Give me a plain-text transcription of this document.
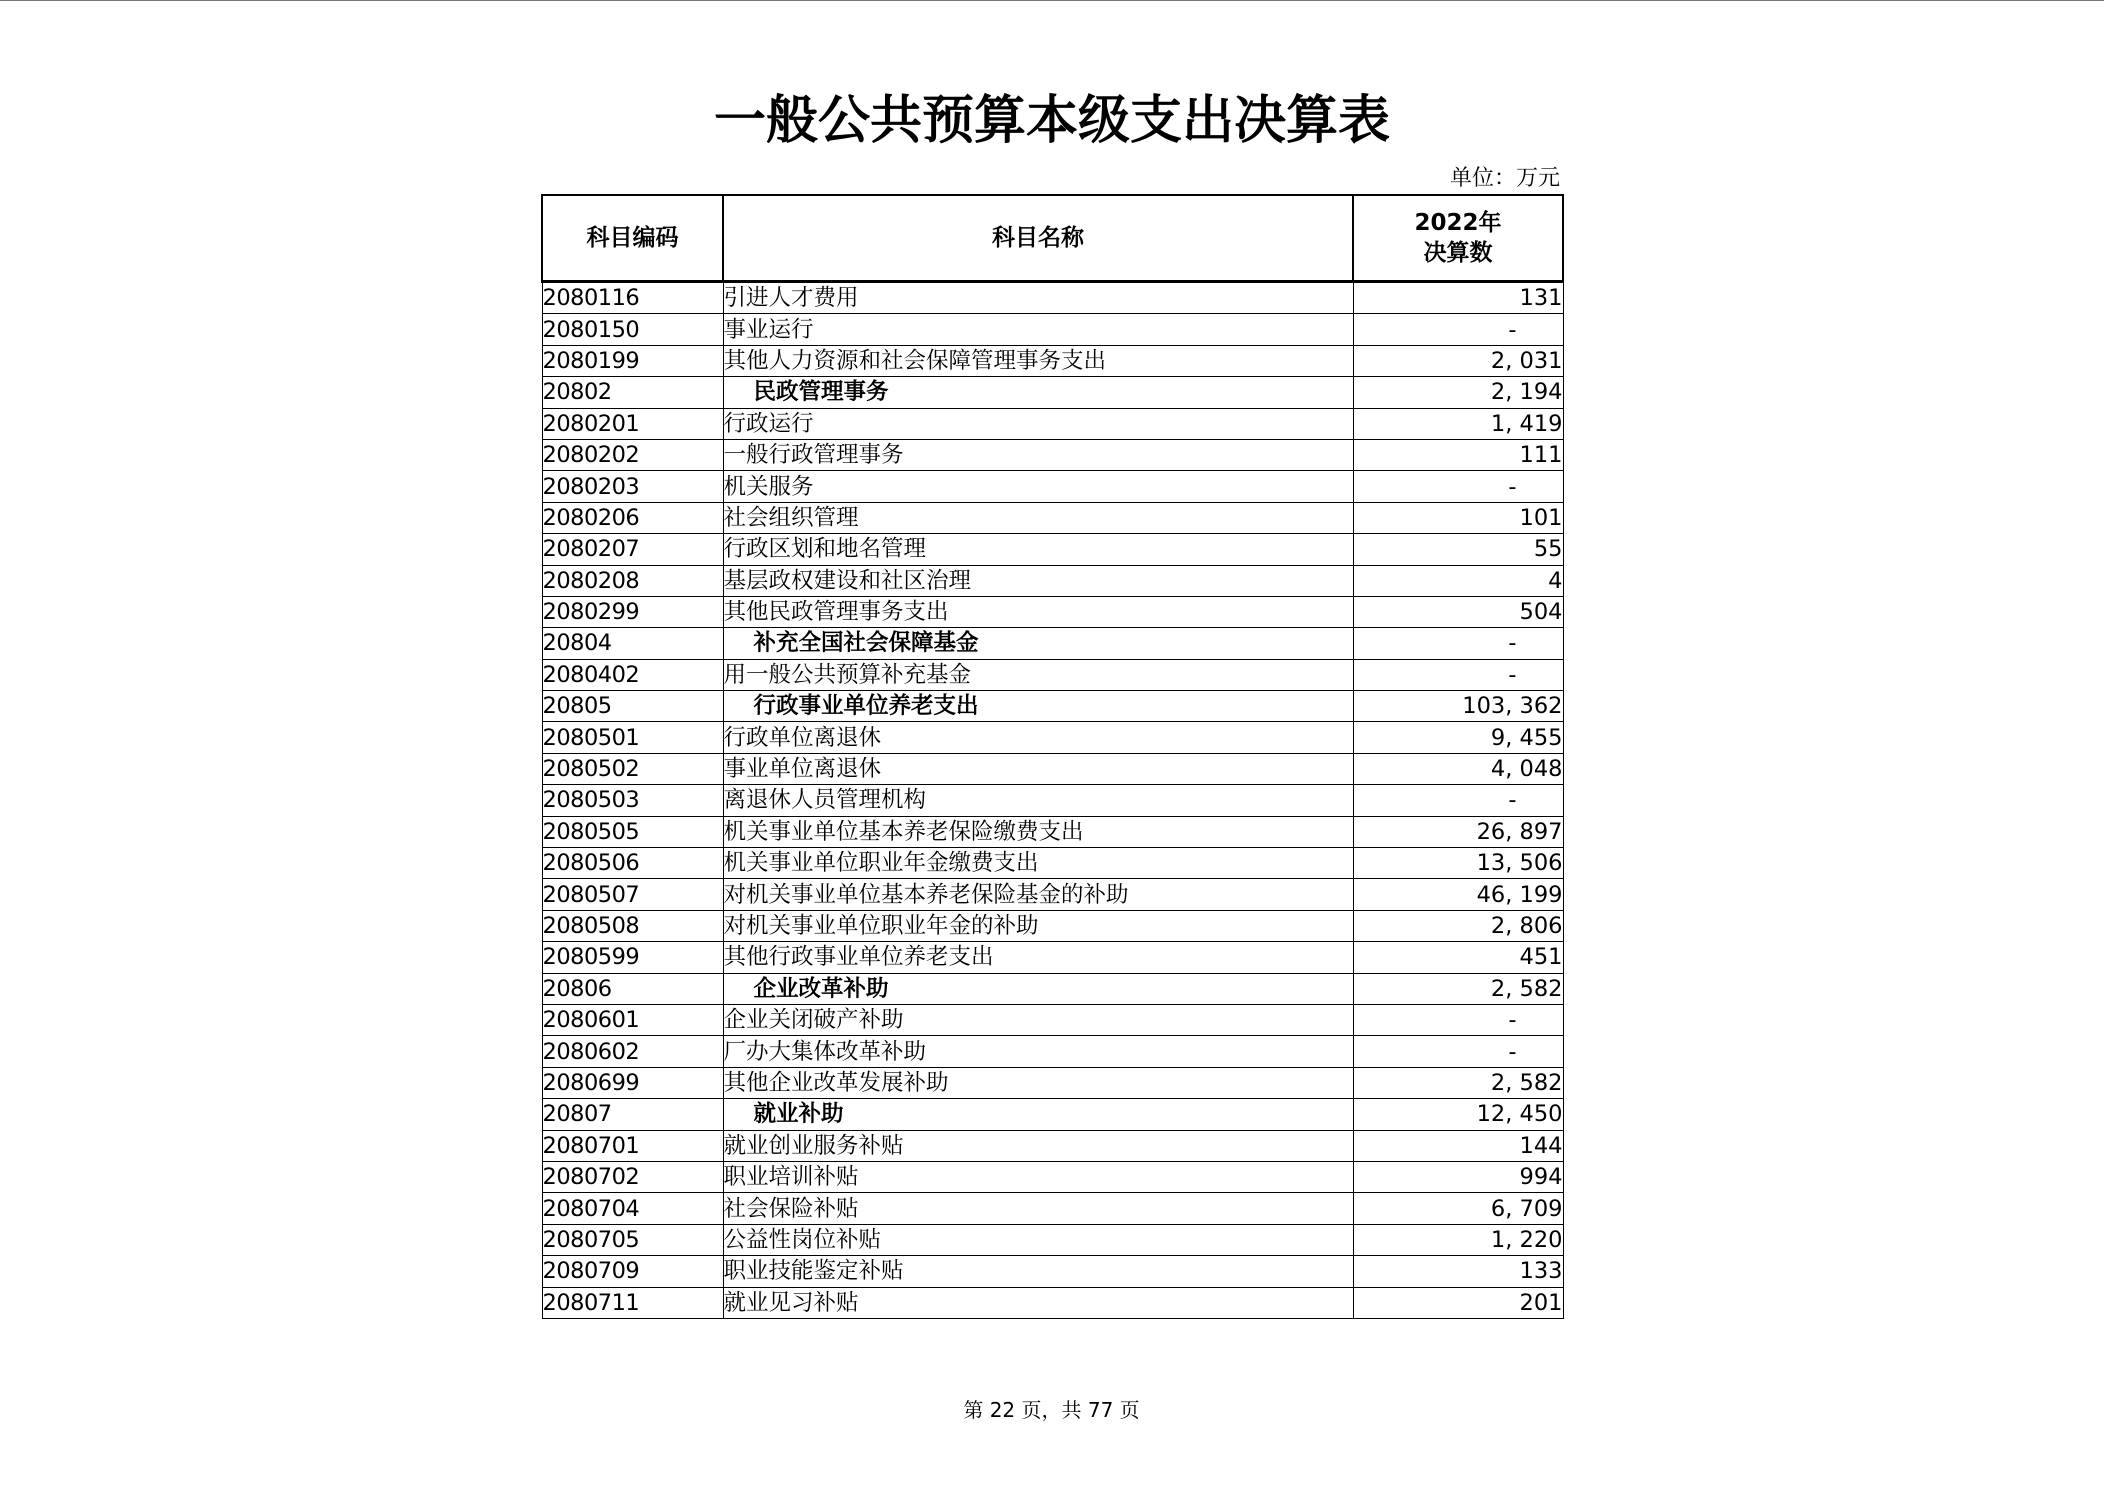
一般公共预算本级支出决算表
单位：万元
科目编码	科目名称	2022年
决算数
2080116	引进人才费用	131
2080150	事业运行	-
2080199	其他人力资源和社会保障管理事务支出	2, 031
20802	民政管理事务	2, 194
2080201	行政运行	1, 419
2080202	一般行政管理事务	111
2080203	机关服务	-
2080206	社会组织管理	101
2080207	行政区划和地名管理	55
2080208	基层政权建设和社区治理	4
2080299	其他民政管理事务支出	504
20804	补充全国社会保障基金	-
2080402	用一般公共预算补充基金	-
20805	行政事业单位养老支出	103, 362
2080501	行政单位离退休	9, 455
2080502	事业单位离退休	4, 048
2080503	离退休人员管理机构	-
2080505	机关事业单位基本养老保险缴费支出	26, 897
2080506	机关事业单位职业年金缴费支出	13, 506
2080507	对机关事业单位基本养老保险基金的补助	46, 199
2080508	对机关事业单位职业年金的补助	2, 806
2080599	其他行政事业单位养老支出	451
20806	企业改革补助	2, 582
2080601	企业关闭破产补助	-
2080602	厂办大集体改革补助	-
2080699	其他企业改革发展补助	2, 582
20807	就业补助	12, 450
2080701	就业创业服务补贴	144
2080702	职业培训补贴	994
2080704	社会保险补贴	6, 709
2080705	公益性岗位补贴	1, 220
2080709	职业技能鉴定补贴	133
2080711	就业见习补贴	201
第 22 页，共 77 页
